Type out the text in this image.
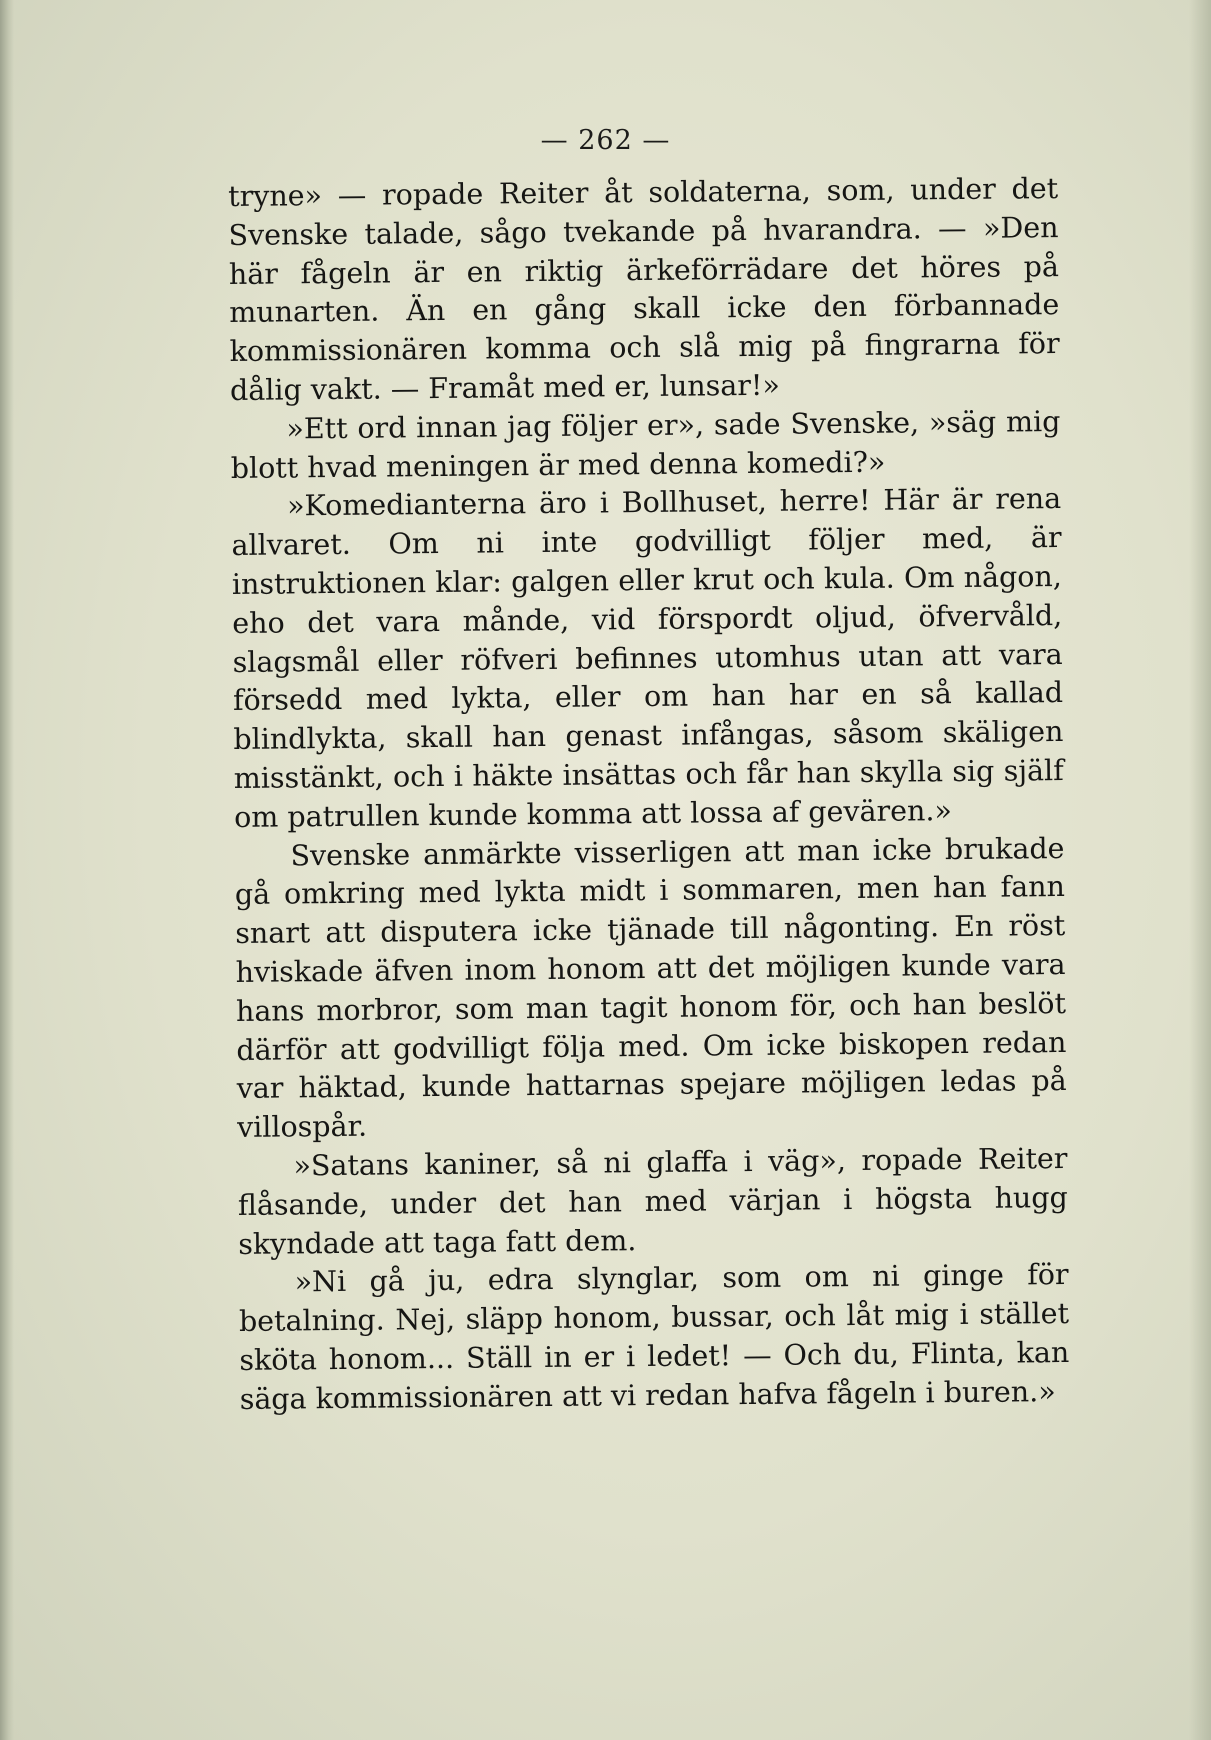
— 262 —

tryne» — ropade Reiter åt soldaterna, som, under det Svenske talade, sågo tvekande på hvarandra. — »Den här fågeln är en riktig ärkeförrädare det höres på munarten. Än en gång skall icke den förbannade kommissionären komma och slå mig på fingrarna för dålig vakt. — Framåt med er, lunsar!»

»Ett ord innan jag följer er», sade Svenske, »säg mig blott hvad meningen är med denna komedi?»

»Komedianterna äro i Bollhuset, herre! Här är rena allvaret. Om ni inte godvilligt följer med, är instruktionen klar: galgen eller krut och kula. Om någon, eho det vara månde, vid förspordt oljud, öfvervåld, slagsmål eller röfveri befinnes utomhus utan att vara försedd med lykta, eller om han har en så kallad blindlykta, skall han genast infångas, såsom skäligen misstänkt, och i häkte insättas och får han skylla sig själf om patrullen kunde komma att lossa af gevären.»

Svenske anmärkte visserligen att man icke brukade gå omkring med lykta midt i sommaren, men han fann snart att disputera icke tjänade till någonting. En röst hviskade äfven inom honom att det möjligen kunde vara hans morbror, som man tagit honom för, och han beslöt därför att godvilligt följa med. Om icke biskopen redan var häktad, kunde hattarnas spejare möjligen ledas på villospår.

»Satans kaniner, så ni glaffa i väg», ropade Reiter flåsande, under det han med värjan i högsta hugg skyndade att taga fatt dem.

»Ni gå ju, edra slynglar, som om ni ginge för betalning. Nej, släpp honom, bussar, och låt mig i stället sköta honom... Ställ in er i ledet! — Och du, Flinta, kan säga kommissionären att vi redan hafva fågeln i buren.»
